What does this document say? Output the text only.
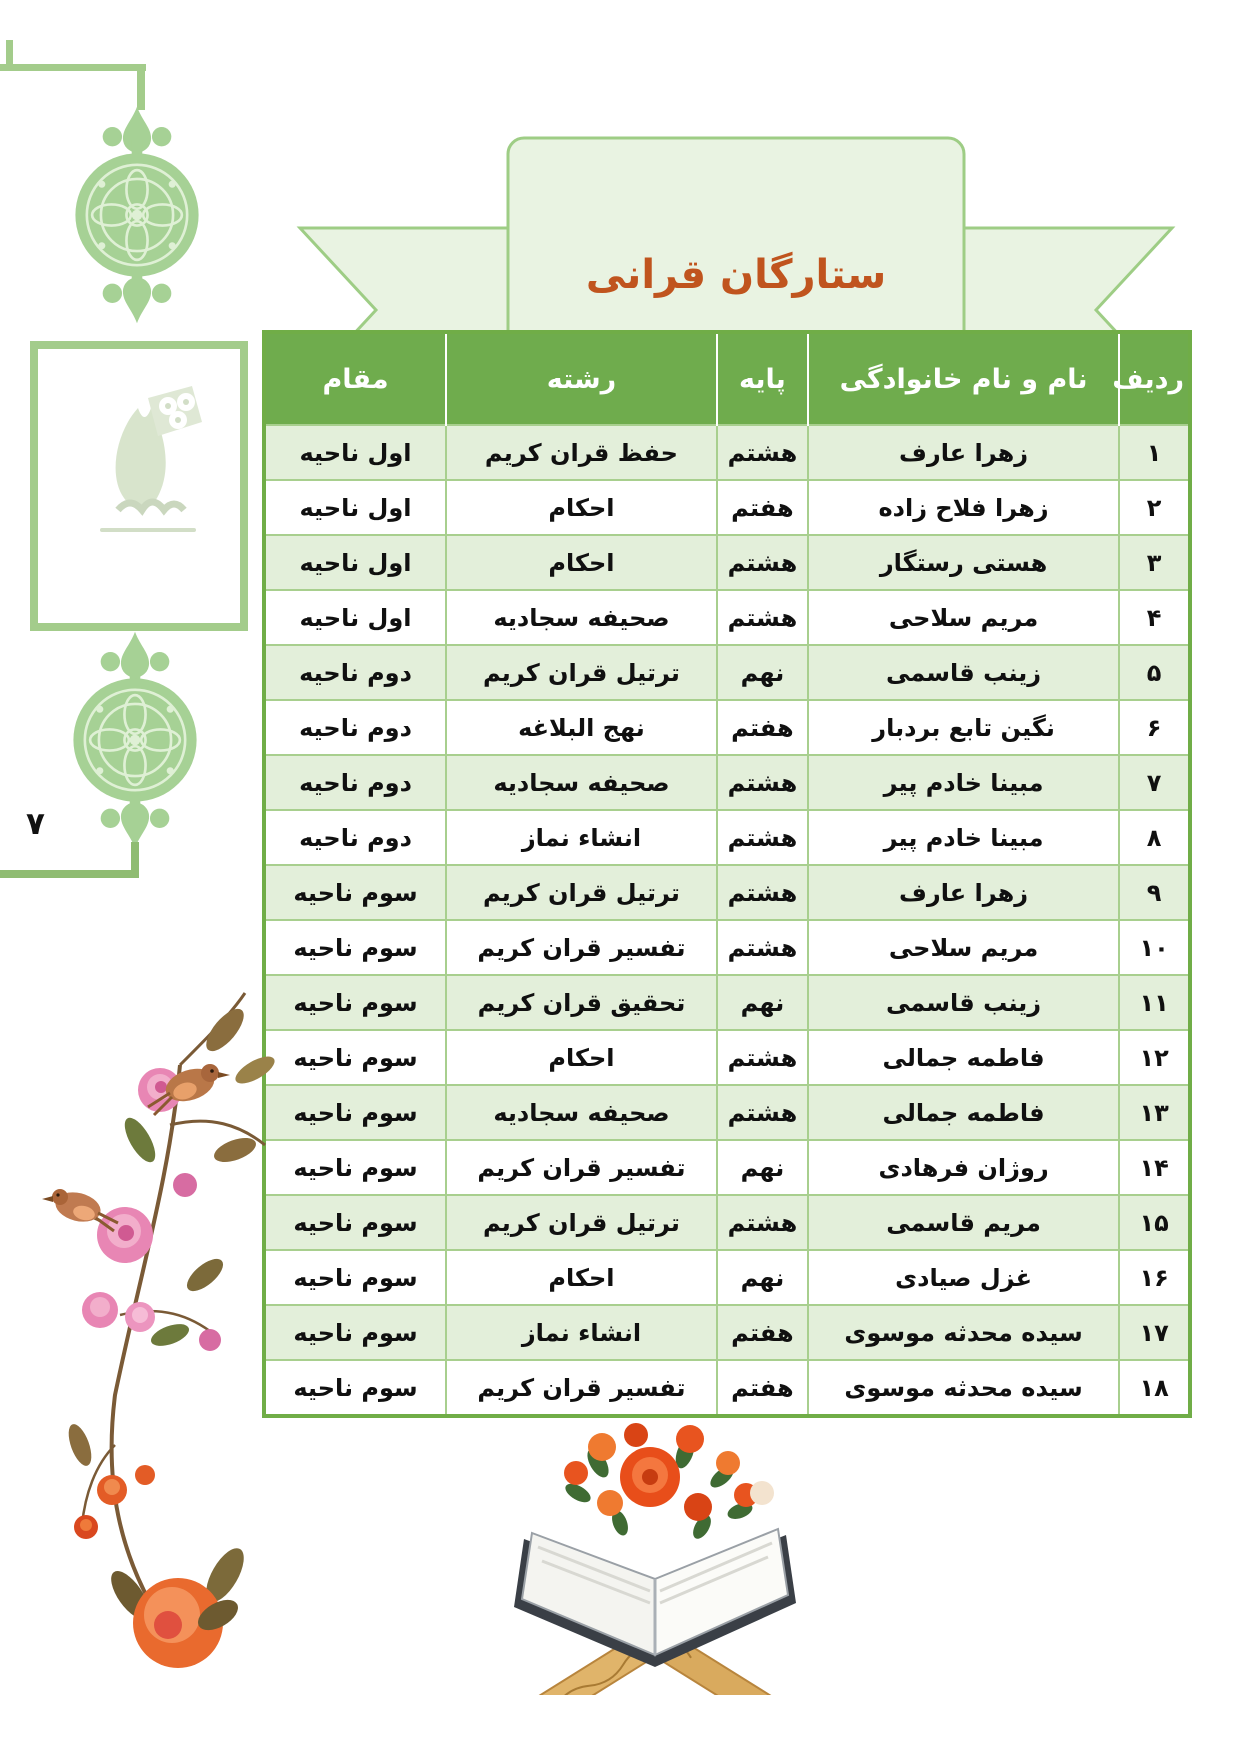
ستارگان قرانی
ردیف	نام و نام خانوادگی	پایه	رشته	مقام
۱	زهرا عارف	هشتم	حفظ قران کریم	اول ناحیه
۲	زهرا فلاح زاده	هفتم	احکام	اول ناحیه
۳	هستی رستگار	هشتم	احکام	اول ناحیه
۴	مریم سلاحی	هشتم	صحیفه سجادیه	اول ناحیه
۵	زینب قاسمی	نهم	ترتیل قران کریم	دوم ناحیه
۶	نگین تابع بردبار	هفتم	نهج البلاغه	دوم ناحیه
۷	مبینا خادم پیر	هشتم	صحیفه سجادیه	دوم ناحیه
۸	مبینا خادم پیر	هشتم	انشاء نماز	دوم ناحیه
۹	زهرا عارف	هشتم	ترتیل قران کریم	سوم ناحیه
۱۰	مریم سلاحی	هشتم	تفسیر قران کریم	سوم ناحیه
۱۱	زینب قاسمی	نهم	تحقیق قران کریم	سوم ناحیه
۱۲	فاطمه جمالی	هشتم	احکام	سوم ناحیه
۱۳	فاطمه جمالی	هشتم	صحیفه سجادیه	سوم ناحیه
۱۴	روژان فرهادی	نهم	تفسیر قران کریم	سوم ناحیه
۱۵	مریم قاسمی	هشتم	ترتیل قران کریم	سوم ناحیه
۱۶	غزل صیادی	نهم	احکام	سوم ناحیه
۱۷	سیده محدثه موسوی	هفتم	انشاء نماز	سوم ناحیه
۱۸	سیده محدثه موسوی	هفتم	تفسیر قران کریم	سوم ناحیه
۷
